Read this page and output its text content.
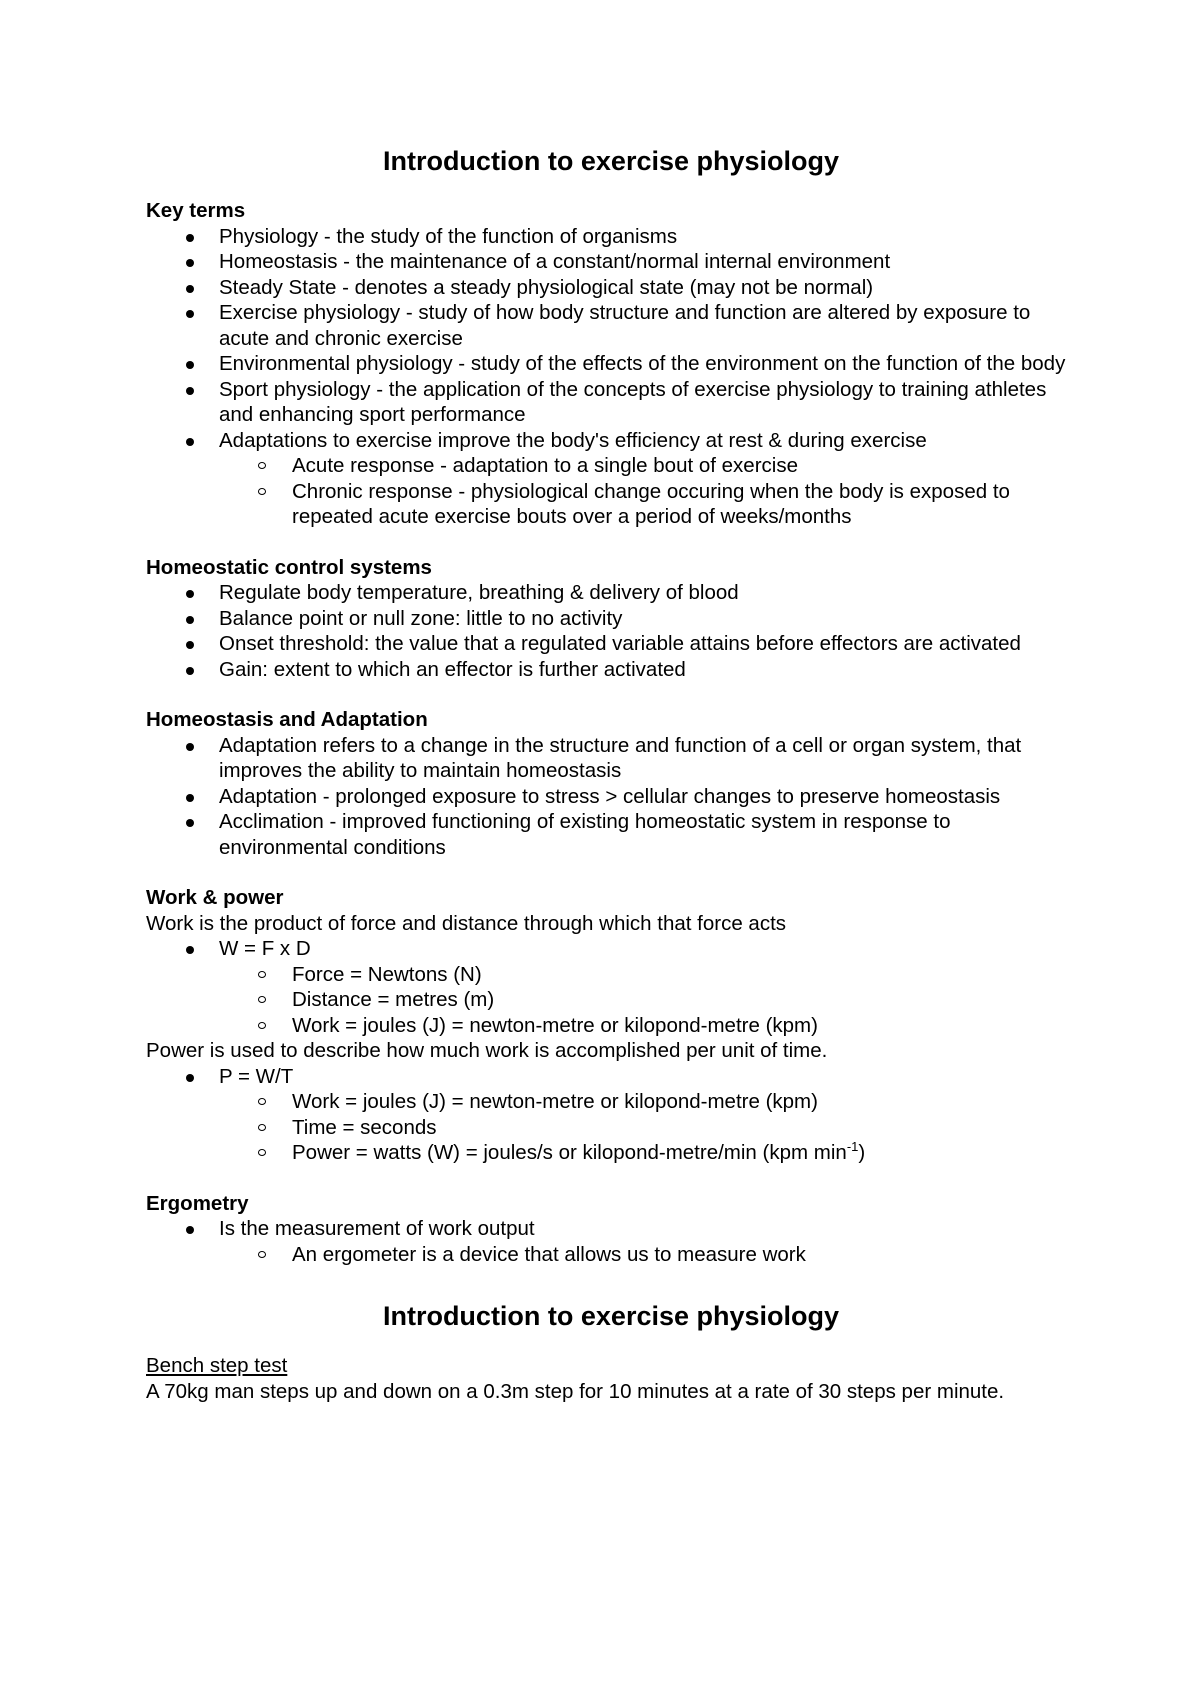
Introduction to exercise physiology

Key terms

Physiology - the study of the function of organisms
Homeostasis - the maintenance of a constant/normal internal environment
Steady State - denotes a steady physiological state (may not be normal)
Exercise physiology - study of how body structure and function are altered by exposure to acute and chronic exercise
Environmental physiology - study of the effects of the environment on the function of the body
Sport physiology - the application of the concepts of exercise physiology to training athletes and enhancing sport performance
Adaptations to exercise improve the body's efficiency at rest & during exercise
Acute response - adaptation to a single bout of exercise
Chronic response - physiological change occuring when the body is exposed to repeated acute exercise bouts over a period of weeks/months

Homeostatic control systems

Regulate body temperature, breathing & delivery of blood
Balance point or null zone: little to no activity
Onset threshold: the value that a regulated variable attains before effectors are activated
Gain: extent to which an effector is further activated

Homeostasis and Adaptation

Adaptation refers to a change in the structure and function of a cell or organ system, that improves the ability to maintain homeostasis
Adaptation - prolonged exposure to stress > cellular changes to preserve homeostasis
Acclimation - improved functioning of existing homeostatic system in response to environmental conditions

Work & power

Work is the product of force and distance through which that force acts

W = F x D
Force = Newtons (N)
Distance = metres (m)
Work = joules (J) = newton-metre or kilopond-metre (kpm)

Power is used to describe how much work is accomplished per unit of time.

P = W/T
Work = joules (J) = newton-metre or kilopond-metre (kpm)
Time = seconds
Power = watts (W) = joules/s or kilopond-metre/min (kpm $\min^{-1}$)

Ergometry

Is the measurement of work output
An ergometer is a device that allows us to measure work
Introduction to exercise physiology

Bench step test

A 70kg man steps up and down on a 0.3m step for 10 minutes at a rate of 30 steps per minute.
